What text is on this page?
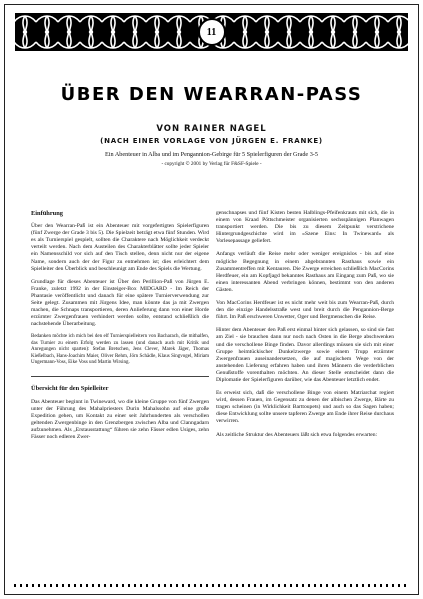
11
ÜBER DEN WEARRAN-PASS
VON RAINER NAGEL
(NACH EINER VORLAGE VON JÜRGEN E. FRANKE)
Ein Abenteuer in Alba und im Pengannion-Gebirge für 5 Spielerfiguren der Grade 3-5
- copyright © 2001 by Verlag für F&SF-Spiele -
Einführung

Über den Wearran-Paß ist ein Abenteuer mit vorgefertigten Spielerfiguren (fünf Zwerge der Grade 3 bis 5). Die Spielzeit beträgt etwa fünf Stunden. Wird es als Turnierspiel gespielt, sollten die Charaktere nach Möglichkeit verdeckt verteilt werden. Nach dem Austeilen des Charakterblätter sollte jeder Spieler ein Namensschild vor sich auf den Tisch stellen, denn nicht nur der eigene Name, sondern auch der der Figur zu entnehmen ist; dies erleichtert dem Spielleiter den Überblick und beschleunigt am Ende des Spiels die Wertung.

Grundlage für dieses Abenteuer ist Über den Perillion-Paß von Jürgen E. Franke, zuletzt 1992 in der Einsteiger-Box MIDGARD - Im Reich der Phantasie veröffentlicht und danach für eine spätere Turnierverwendung zur Seite gelegt. Zusammen mit Jürgens Idee, man könnte das ja mit Zwergen machen, die Schnaps transportieren, deren Anlieferung dann von einer Horde erzürnter Zwergenfrauen verhindert werden sollte, entstand schließlich die nachstehende Überarbeitung.

Bedanken möchte ich mich bei den elf Turnierspielleitern von Bacharach, die mithalfen, das Turnier zu einem Erfolg werden zu lassen (und danach auch mit Kritik und Anregungen nicht sparten): Stefan Bretschen, Jens Clever, Marek Jäger, Thomas Kießelbach, Hans-Joachim Maier, Oliver Rehm, Jörn Schädle, Klaus Singvogel, Miriam Ungermann-Voss, Eike Voss und Martin Wirsing.

Übersicht für den Spielleiter

Das Abenteuer beginnt in Twineward, wo die kleine Gruppe von fünf Zwergen unter der Führung des Mahalpriesters Durin Mahalssohn auf eine große Expedition gehen, um Kontakt zu einer seit Jahrhunderten als verschollen geltenden Zwergenbinge in den Grenzbergen zwischen Alba und Clanngadarn aufzunehmen. Als „Erstausstattung“ führen sie zehn Fässer edlen Usiges, zehn Fässer noch edleren Zwer-

genschnapses und fünf Kisten besten Halblings-Pfeifenkrauts mit sich, die in einem von Kraad Pöttschmeister organisierten sechsspännigen Planwagen transportiert werden. Die bis zu diesem Zeitpunkt verstrichene Hintergrundgeschichte wird im »Szene Eins: In Twineward« als Vorlesepassage geliefert.

Anfangs verläuft die Reise mehr oder weniger ereignislos - bis auf eine mögliche Begegnung in einem abgebrannten Rasthaus sowie ein Zusammentreffen mit Kentauren. Die Zwerge erreichen schließlich MacCorins Herdfeuer, ein am Kopfjagd bekanntes Rasthaus am Eingang zum Paß, wo sie einen interessanten Abend verbringen können, bestimmt von den anderen Gästen.

Von MacCorins Herdfeuer ist es nicht mehr weit bis zum Wearran-Paß, durch den die einzige Handelsstraße west und breit durch die Pengannion-Berge führt. Im Paß erschweren Unwetter, Oger und Bergmenschen die Reise.

Hinter dem Abenteuer den Paß erst einmal hinter sich gelassen, so sind sie fast am Ziel - sie brauchen dann nur noch nach Osten in die Berge abschwenken und die verschollene Binge finden. Davor allerdings müssen sie sich mit einer Gruppe heimtückischer Dunkelzwerge sowie einem Trupp erzürnter Zwergenfrauen auseinandersetzen, die auf magischem Wege von der anstehenden Lieferung erfahren haben und ihren Männern die verderblichen Genußstoffe vorenthalten möchten. An dieser Stelle entscheidet dann die Diplomatie der Spielerfiguren darüber, wie das Abenteuer letztlich endet.

Es erweist sich, daß die verschollene Binge von einem Matriarchat regiert wird, dessen Frauen, im Gegensatz zu denen der albischen Zwerge, Bärte zu tragen scheinen (in Wirklichkeit Barttoupets) und auch so das Sagen haben; diese Entwicklung sollte unsere tapferen Zwerge am Ende ihrer Reise durchaus verwirren.

Als zeitliche Struktur des Abenteuers läßt sich etwa folgendes erwarten:
